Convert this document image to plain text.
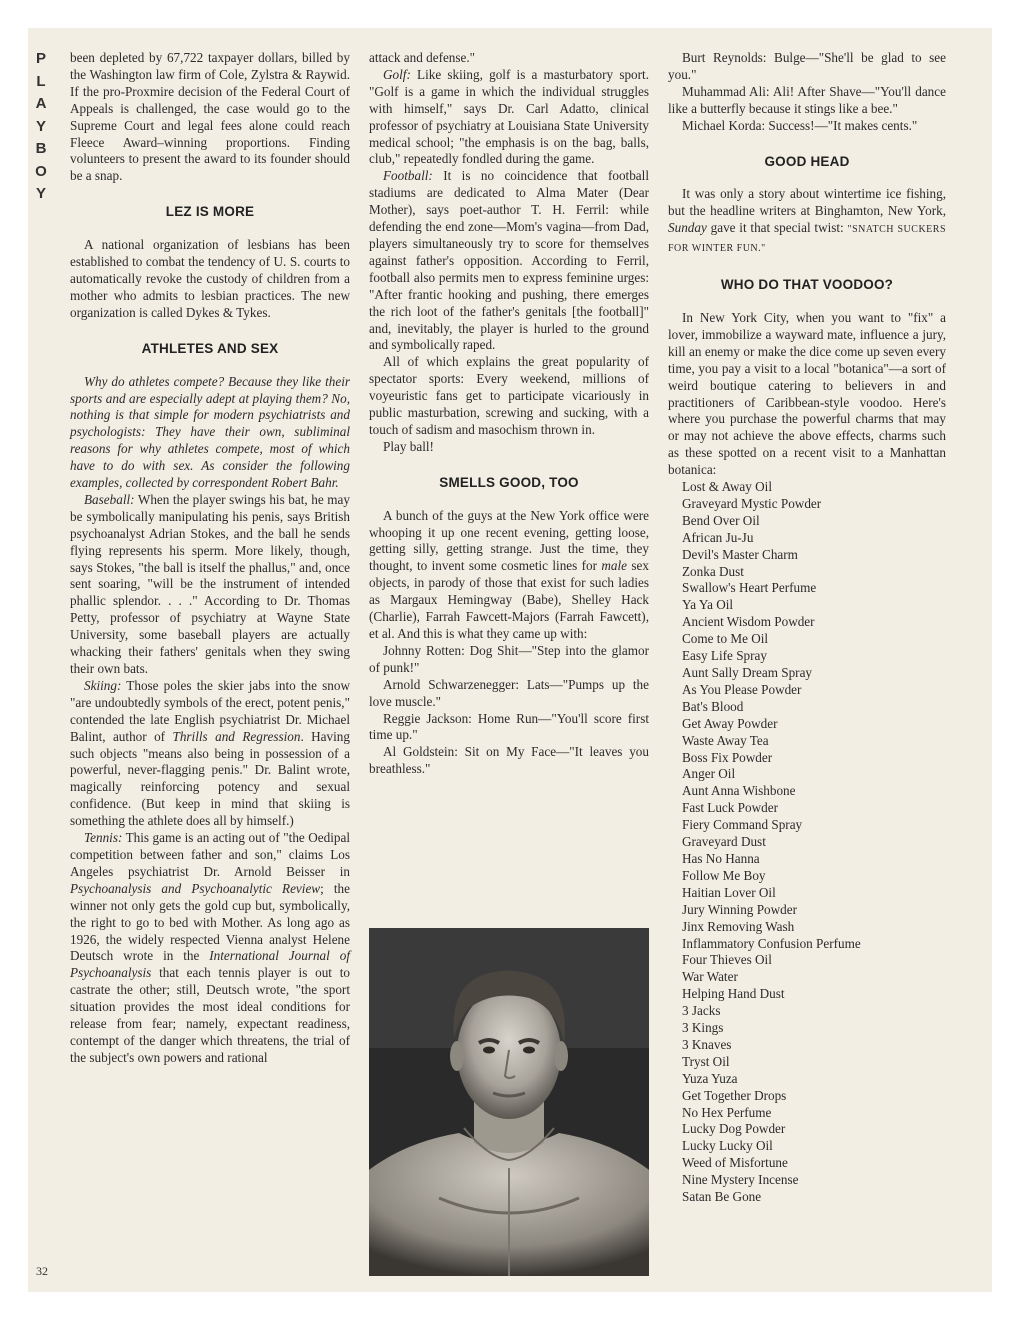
P
L
A
Y
B
O
Y
32

been depleted by 67,722 taxpayer dollars, billed by the Washington law firm of Cole, Zylstra & Raywid. If the pro-Proxmire decision of the Federal Court of Appeals is challenged, the case would go to the Supreme Court and legal fees alone could reach Fleece Award–winning proportions. Finding volunteers to present the award to its founder should be a snap.

LEZ IS MORE

A national organization of lesbians has been established to combat the tendency of U. S. courts to automatically revoke the custody of children from a mother who admits to lesbian practices. The new organization is called Dykes & Tykes.

ATHLETES AND SEX

Why do athletes compete? Because they like their sports and are especially adept at playing them? No, nothing is that simple for modern psychiatrists and psychologists: They have their own, subliminal reasons for why athletes compete, most of which have to do with sex. As consider the following examples, collected by correspondent Robert Bahr.

Baseball: When the player swings his bat, he may be symbolically manipulating his penis, says British psychoanalyst Adrian Stokes, and the ball he sends flying represents his sperm. More likely, though, says Stokes, "the ball is itself the phallus," and, once sent soaring, "will be the instrument of intended phallic splendor. . . ." According to Dr. Thomas Petty, professor of psychiatry at Wayne State University, some baseball players are actually whacking their fathers' genitals when they swing their own bats.

Skiing: Those poles the skier jabs into the snow "are undoubtedly symbols of the erect, potent penis," contended the late English psychiatrist Dr. Michael Balint, author of Thrills and Regression. Having such objects "means also being in possession of a powerful, never-flagging penis." Dr. Balint wrote, magically reinforcing potency and sexual confidence. (But keep in mind that skiing is something the athlete does all by himself.)

Tennis: This game is an acting out of "the Oedipal competition between father and son," claims Los Angeles psychiatrist Dr. Arnold Beisser in Psychoanalysis and Psychoanalytic Review; the winner not only gets the gold cup but, symbolically, the right to go to bed with Mother. As long ago as 1926, the widely respected Vienna analyst Helene Deutsch wrote in the International Journal of Psychoanalysis that each tennis player is out to castrate the other; still, Deutsch wrote, "the sport situation provides the most ideal conditions for release from fear; namely, expectant readiness, contempt of the danger which threatens, the trial of the subject's own powers and rational

attack and defense."

Golf: Like skiing, golf is a masturbatory sport. "Golf is a game in which the individual struggles with himself," says Dr. Carl Adatto, clinical professor of psychiatry at Louisiana State University medical school; "the emphasis is on the bag, balls, club," repeatedly fondled during the game.

Football: It is no coincidence that football stadiums are dedicated to Alma Mater (Dear Mother), says poet-author T. H. Ferril: while defending the end zone—Mom's vagina—from Dad, players simultaneously try to score for themselves against father's opposition. According to Ferril, football also permits men to express feminine urges: "After frantic hooking and pushing, there emerges the rich loot of the father's genitals [the football]" and, inevitably, the player is hurled to the ground and symbolically raped.

All of which explains the great popularity of spectator sports: Every weekend, millions of voyeuristic fans get to participate vicariously in public masturbation, screwing and sucking, with a touch of sadism and masochism thrown in.

Play ball!

SMELLS GOOD, TOO

A bunch of the guys at the New York office were whooping it up one recent evening, getting loose, getting silly, getting strange. Just the time, they thought, to invent some cosmetic lines for male sex objects, in parody of those that exist for such ladies as Margaux Hemingway (Babe), Shelley Hack (Charlie), Farrah Fawcett-Majors (Farrah Fawcett), et al. And this is what they came up with:

Johnny Rotten: Dog Shit—"Step into the glamor of punk!"

Arnold Schwarzenegger: Lats—"Pumps up the love muscle."

Reggie Jackson: Home Run—"You'll score first time up."

Al Goldstein: Sit on My Face—"It leaves you breathless."

Burt Reynolds: Bulge—"She'll be glad to see you."

Muhammad Ali: Ali! After Shave—"You'll dance like a butterfly because it stings like a bee."

Michael Korda: Success!—"It makes cents."

GOOD HEAD

It was only a story about wintertime ice fishing, but the headline writers at Binghamton, New York, Sunday gave it that special twist: "SNATCH SUCKERS FOR WINTER FUN."

WHO DO THAT VOODOO?

In New York City, when you want to "fix" a lover, immobilize a wayward mate, influence a jury, kill an enemy or make the dice come up seven every time, you pay a visit to a local "botanica"—a sort of weird boutique catering to believers in and practitioners of Caribbean-style voodoo. Here's where you purchase the powerful charms that may or may not achieve the above effects, charms such as these spotted on a recent visit to a Manhattan botanica:

Lost & Away Oil
Graveyard Mystic Powder
Bend Over Oil
African Ju-Ju
Devil's Master Charm
Zonka Dust
Swallow's Heart Perfume
Ya Ya Oil
Ancient Wisdom Powder
Come to Me Oil
Easy Life Spray
Aunt Sally Dream Spray
As You Please Powder
Bat's Blood
Get Away Powder
Waste Away Tea
Boss Fix Powder
Anger Oil
Aunt Anna Wishbone
Fast Luck Powder
Fiery Command Spray
Graveyard Dust
Has No Hanna
Follow Me Boy
Haitian Lover Oil
Jury Winning Powder
Jinx Removing Wash
Inflammatory Confusion Perfume
Four Thieves Oil
War Water
Helping Hand Dust
3 Jacks
3 Kings
3 Knaves
Tryst Oil
Yuza Yuza
Get Together Drops
No Hex Perfume
Lucky Dog Powder
Lucky Lucky Oil
Weed of Misfortune
Nine Mystery Incense
Satan Be Gone
